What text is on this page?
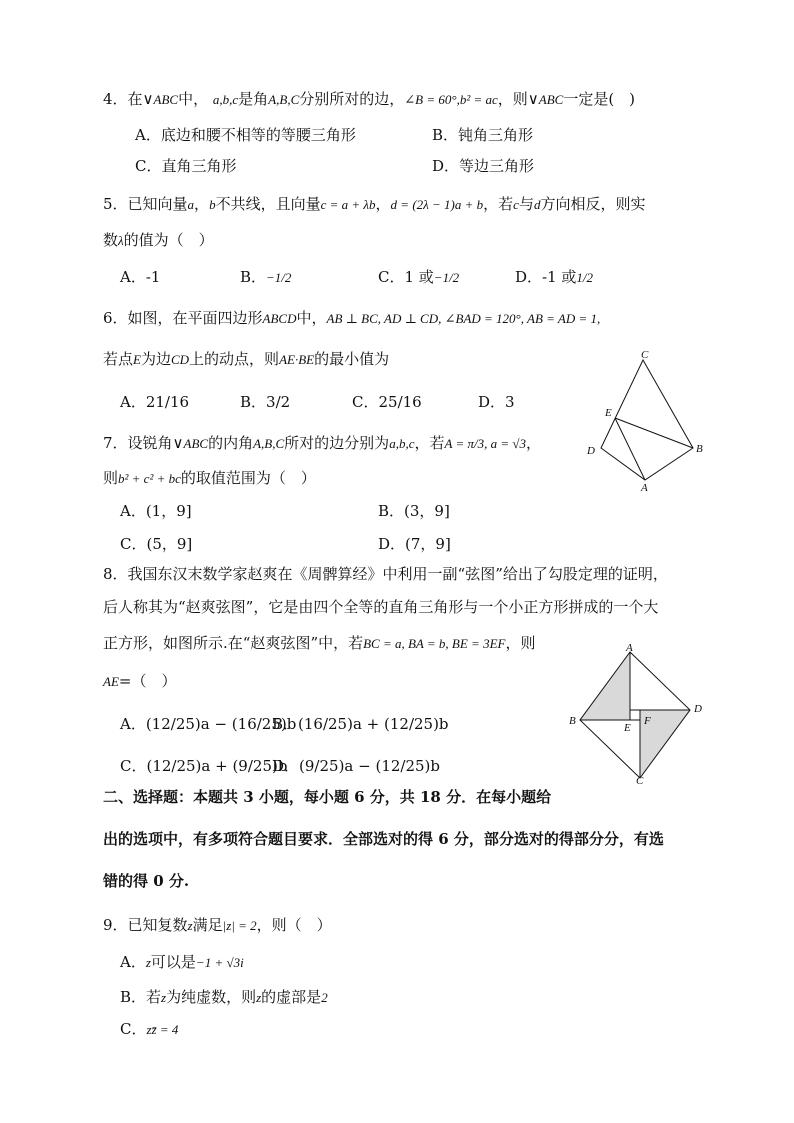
4．在∨ABC中， a,b,c是角A,B,C分别所对的边，∠B = 60°,b² = ac，则∨ABC一定是(　)
A．底边和腰不相等的等腰三角形	B．钝角三角形
C．直角三角形	D．等边三角形
5．已知向量a，b不共线，且向量c = a + λb，d = (2λ − 1)a + b，若c与d方向相反，则实
数λ的值为（　）
A．-1	B．−1/2	C．1 或−1/2	D．-1 或1/2
6．如图，在平面四边形ABCD中，AB ⊥ BC, AD ⊥ CD, ∠BAD = 120°, AB = AD = 1,
若点E为边CD上的动点，则AE·BE的最小值为
A．21/16	B．3/2	C．25/16	D．3
C
E
D	B
A
7．设锐角∨ABC的内角A,B,C所对的边分别为a,b,c，若A = π/3, a = √3，
则b² + c² + bc的取值范围为（　）
A．(1，9]	B．(3，9]
C．(5，9]	D．(7，9]
8．我国东汉末数学家赵爽在《周髀算经》中利用一副“弦图”给出了勾股定理的证明，
后人称其为“赵爽弦图”，它是由四个全等的直角三角形与一个小正方形拼成的一个大
正方形，如图所示.在“赵爽弦图”中，若BC = a, BA = b, BE = 3EF，则
AE=（　）
A．(12/25)a − (16/25)b
B．(16/25)a + (12/25)b
C．(12/25)a + (9/25)b
D．(9/25)a − (12/25)b
A
B
C
D
E
F
二、选择题：本题共 3 小题，每小题 6 分，共 18 分．在每小题给
出的选项中，有多项符合题目要求．全部选对的得 6 分，部分选对的得部分分，有选
错的得 0 分.
9．已知复数z满足|z| = 2，则（　）
A．z可以是−1 + √3i
B．若z为纯虚数，则z的虚部是2
C．zz̄ = 4
